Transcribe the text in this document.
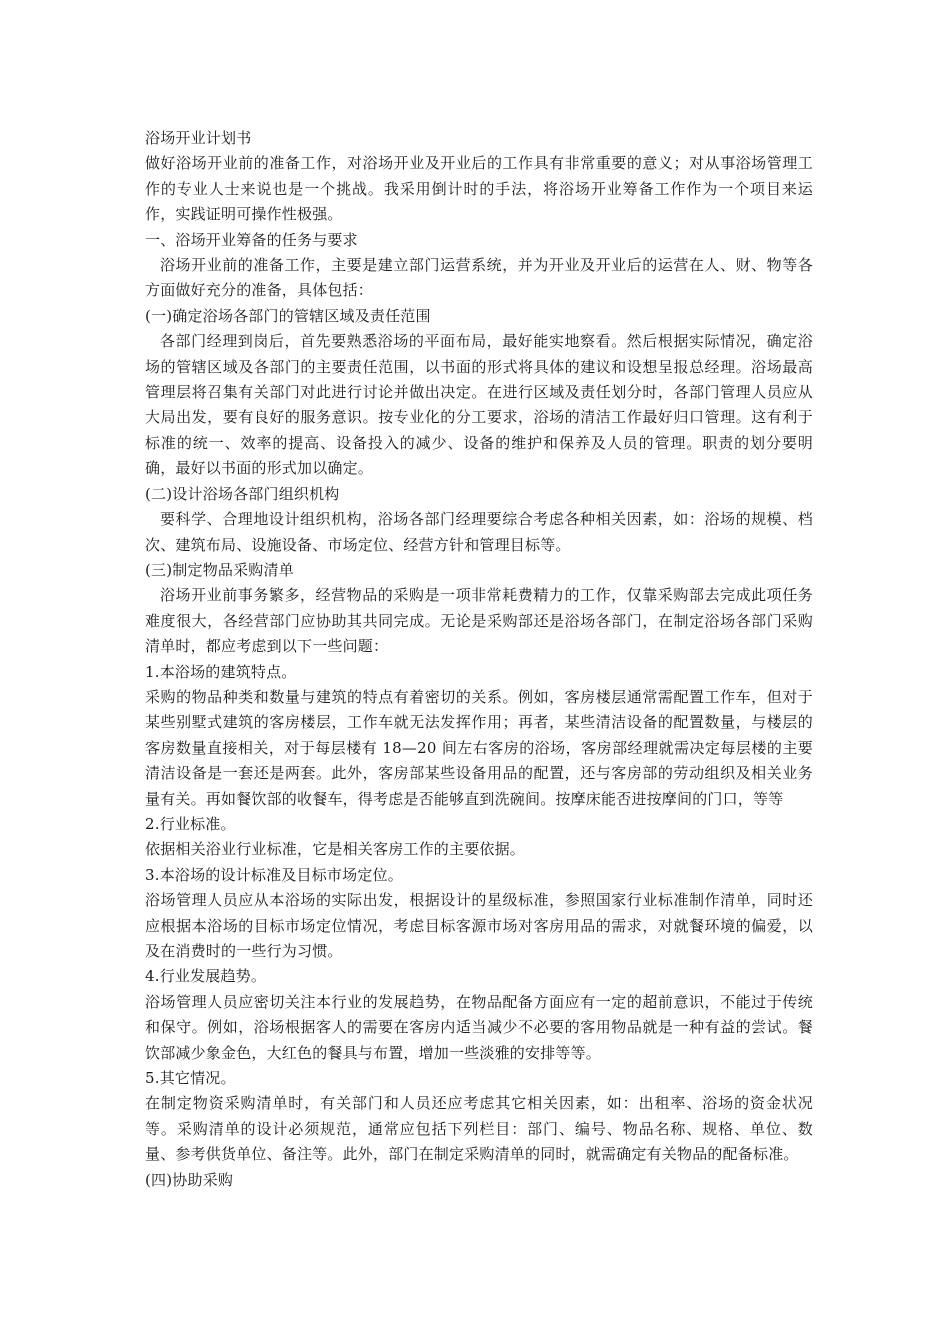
浴场开业计划书

做好浴场开业前的准备工作，对浴场开业及开业后的工作具有非常重要的意义；对从事浴场管理工作的专业人士来说也是一个挑战。我采用倒计时的手法，将浴场开业筹备工作作为一个项目来运作，实践证明可操作性极强。

一、浴场开业筹备的任务与要求

浴场开业前的准备工作，主要是建立部门运营系统，并为开业及开业后的运营在人、财、物等各方面做好充分的准备，具体包括：

(一)确定浴场各部门的管辖区域及责任范围

各部门经理到岗后，首先要熟悉浴场的平面布局，最好能实地察看。然后根据实际情况，确定浴场的管辖区域及各部门的主要责任范围，以书面的形式将具体的建议和设想呈报总经理。浴场最高管理层将召集有关部门对此进行讨论并做出决定。在进行区域及责任划分时，各部门管理人员应从大局出发，要有良好的服务意识。按专业化的分工要求，浴场的清洁工作最好归口管理。这有利于标准的统一、效率的提高、设备投入的减少、设备的维护和保养及人员的管理。职责的划分要明确，最好以书面的形式加以确定。

(二)设计浴场各部门组织机构

要科学、合理地设计组织机构，浴场各部门经理要综合考虑各种相关因素，如：浴场的规模、档次、建筑布局、设施设备、市场定位、经营方针和管理目标等。

(三)制定物品采购清单

浴场开业前事务繁多，经营物品的采购是一项非常耗费精力的工作，仅靠采购部去完成此项任务难度很大，各经营部门应协助其共同完成。无论是采购部还是浴场各部门，在制定浴场各部门采购清单时，都应考虑到以下一些问题：

1.本浴场的建筑特点。

采购的物品种类和数量与建筑的特点有着密切的关系。例如，客房楼层通常需配置工作车，但对于某些别墅式建筑的客房楼层，工作车就无法发挥作用；再者，某些清洁设备的配置数量，与楼层的客房数量直接相关，对于每层楼有 18—20 间左右客房的浴场，客房部经理就需决定每层楼的主要清洁设备是一套还是两套。此外，客房部某些设备用品的配置，还与客房部的劳动组织及相关业务量有关。再如餐饮部的收餐车，得考虑是否能够直到洗碗间。按摩床能否进按摩间的门口，等等

2.行业标准。

依据相关浴业行业标准，它是相关客房工作的主要依据。

3.本浴场的设计标准及目标市场定位。

浴场管理人员应从本浴场的实际出发，根据设计的星级标准，参照国家行业标准制作清单，同时还应根据本浴场的目标市场定位情况，考虑目标客源市场对客房用品的需求，对就餐环境的偏爱，以及在消费时的一些行为习惯。

4.行业发展趋势。

浴场管理人员应密切关注本行业的发展趋势，在物品配备方面应有一定的超前意识，不能过于传统和保守。例如，浴场根据客人的需要在客房内适当减少不必要的客用物品就是一种有益的尝试。餐饮部减少象金色，大红色的餐具与布置，增加一些淡雅的安排等等。

5.其它情况。

在制定物资采购清单时，有关部门和人员还应考虑其它相关因素，如：出租率、浴场的资金状况等。采购清单的设计必须规范，通常应包括下列栏目：部门、编号、物品名称、规格、单位、数量、参考供货单位、备注等。此外，部门在制定采购清单的同时，就需确定有关物品的配备标准。

(四)协助采购
